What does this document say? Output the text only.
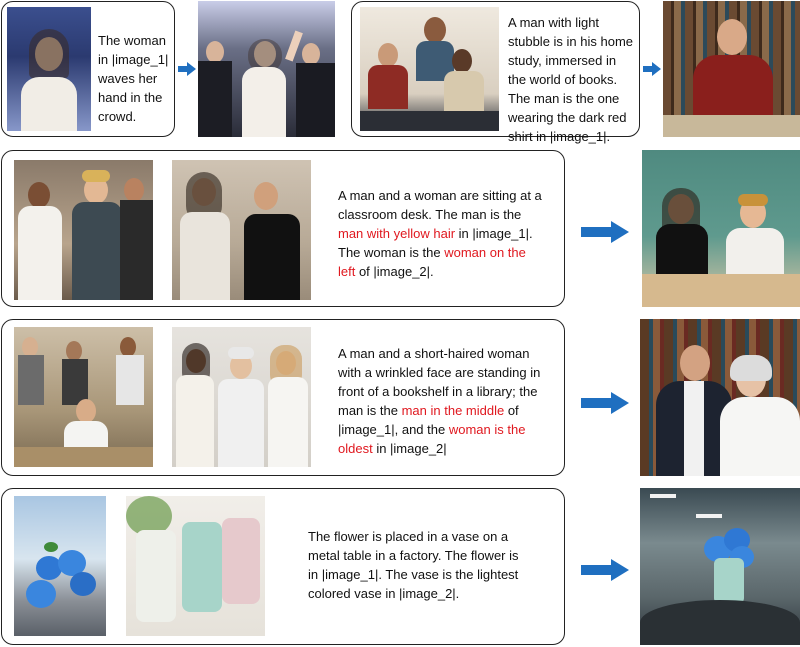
The woman in |image_1| waves her hand in the crowd.
A man with light stubble is in his home study, immersed in the world of books. The man is the one wearing the dark red shirt in |image_1|.
A man and a woman are sitting at a classroom desk. The man is the man with yellow hair in |image_1|. The woman is the woman on the left of |image_2|.
A man and a short-haired woman with a wrinkled face are standing in front of a bookshelf in a library; the man is the man in the middle of |image_1|, and the woman is the oldest in |image_2|
The flower is placed in a vase on a metal table in a factory. The flower is in |image_1|. The vase is the lightest colored vase in |image_2|.
